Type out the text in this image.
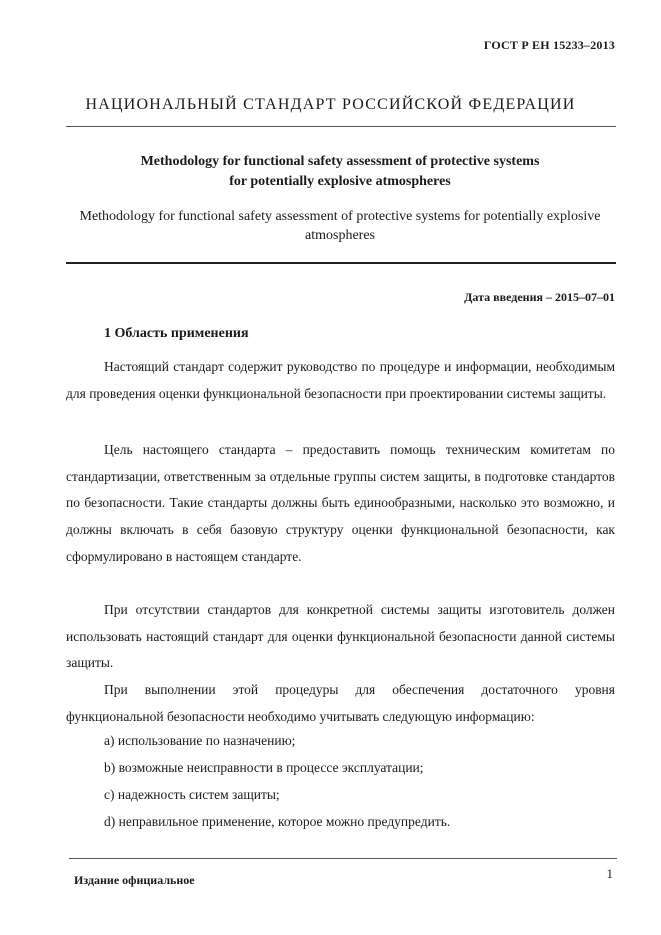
ГОСТ Р ЕН 15233–2013
НАЦИОНАЛЬНЫЙ СТАНДАРТ РОССИЙСКОЙ ФЕДЕРАЦИИ
Methodology for functional safety assessment of protective systems
for potentially explosive atmospheres
Methodology for functional safety assessment of protective systems for potentially explosive atmospheres
Дата введения – 2015–07–01
1 Область применения
Настоящий стандарт содержит руководство по процедуре и информации, необходимым для проведения оценки функциональной безопасности при проектировании системы защиты.
Цель настоящего стандарта – предоставить помощь техническим комитетам по стандартизации, ответственным за отдельные группы систем защиты, в подготовке стандартов по безопасности. Такие стандарты должны быть единообразными, насколько это возможно, и должны включать в себя базовую структуру оценки функциональной безопасности, как сформулировано в настоящем стандарте.
При отсутствии стандартов для конкретной системы защиты изготовитель должен использовать настоящий стандарт для оценки функциональной безопасности данной системы защиты.
При выполнении этой процедуры для обеспечения достаточного уровня функциональной безопасности необходимо учитывать следующую информацию:
a) использование по назначению;
b) возможные неисправности в процессе эксплуатации;
c) надежность систем защиты;
d) неправильное применение, которое можно предупредить.
Издание официальное	1
